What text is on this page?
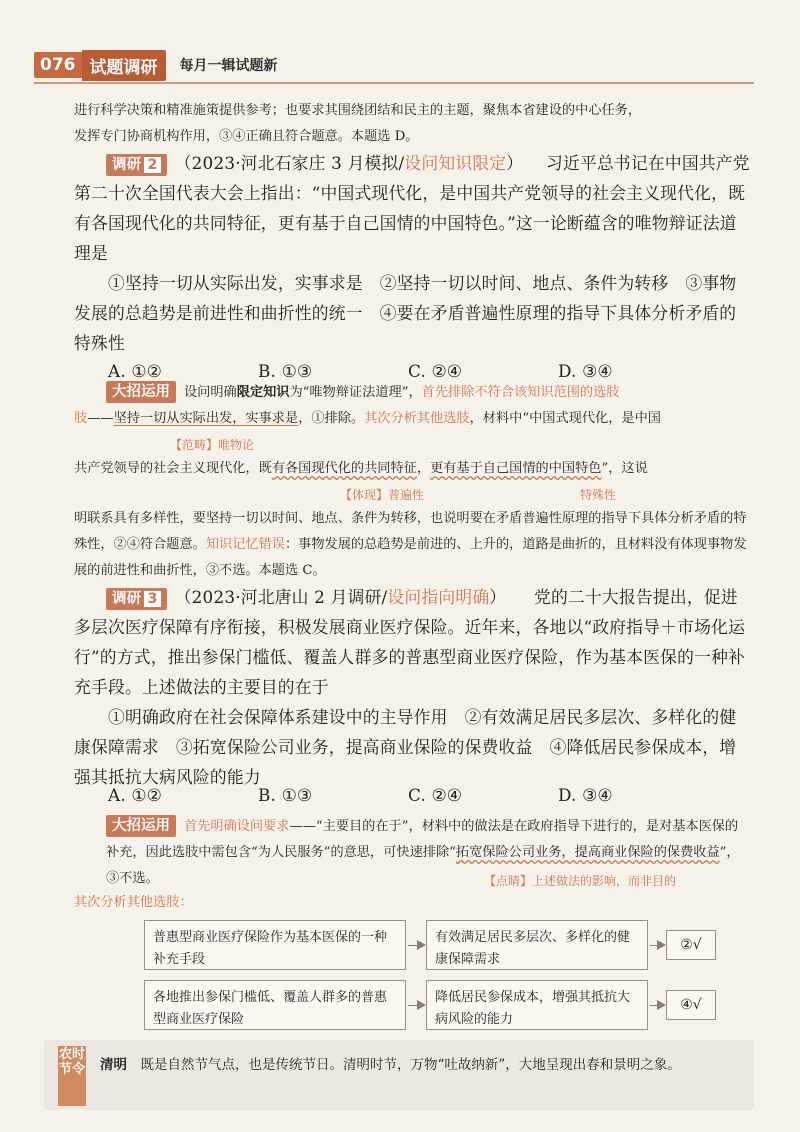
076 试题调研	每月一辑试题新

进行科学决策和精准施策提供参考；也要求其围绕团结和民主的主题，聚焦本省建设的中心任务，
发挥专门协商机构作用，③④正确且符合题意。本题选 D。

调研 2 （2023·河北石家庄 3 月模拟/设问知识限定）	习近平总书记在中国共产党第二十次全国代表大会上指出：“中国式现代化，是中国共产党领导的社会主义现代化，既有各国现代化的共同特征，更有基于自己国情的中国特色。”这一论断蕴含的唯物辩证法道理是

①坚持一切从实际出发，实事求是　②坚持一切以时间、地点、条件为转移　③事物发展的总趋势是前进性和曲折性的统一　④要在矛盾普遍性原理的指导下具体分析矛盾的特殊性

A. ①②	B. ①③	C. ②④	D. ③④

大招运用 设问明确限定知识为“唯物辩证法道理”，首先排除不符合该知识范围的选肢

肢——坚持一切从实际出发，实事求是，①排除。其次分析其他选肢，材料中“中国式现代化，是中国

【范畴】唯物论

共产党领导的社会主义现代化，既有各国现代化的共同特征，更有基于自己国情的中国特色”，这说

【体现】普遍性	特殊性

明联系具有多样性，要坚持一切以时间、地点、条件为转移，也说明要在矛盾普遍性原理的指导下具体分析矛盾的特殊性，②④符合题意。知识记忆错误：事物发展的总趋势是前进的、上升的，道路是曲折的，且材料没有体现事物发展的前进性和曲折性，③不选。本题选 C。

调研 3 （2023·河北唐山 2 月调研/设问指向明确）	党的二十大报告提出，促进多层次医疗保障有序衔接，积极发展商业医疗保险。近年来，各地以“政府指导＋市场化运行”的方式，推出参保门槛低、覆盖人群多的普惠型商业医疗保险，作为基本医保的一种补充手段。上述做法的主要目的在于

①明确政府在社会保障体系建设中的主导作用　②有效满足居民多层次、多样化的健康保障需求　③拓宽保险公司业务，提高商业保险的保费收益　④降低居民参保成本，增强其抵抗大病风险的能力

A. ①②	B. ①③	C. ②④	D. ③④

大招运用 首先明确设问要求——“主要目的在于”，材料中的做法是在政府指导下进行的，是对基本医保的补充，因此选肢中需包含“为人民服务”的意思，可快速排除“拓宽保险公司业务，提高商业保险的保费收益”，③不选。	【点睛】上述做法的影响，而非目的

其次分析其他选肢：

普惠型商业医疗保险作为基本医保的一种补充手段
有效满足居民多层次、多样化的健康保障需求
②√
各地推出参保门槛低、覆盖人群多的普惠型商业医疗保险
降低居民参保成本，增强其抵抗大病风险的能力
④√
农时节令 清明　 既是自然节气点，也是传统节日。清明时节，万物“吐故纳新”，大地呈现出春和景明之象。
